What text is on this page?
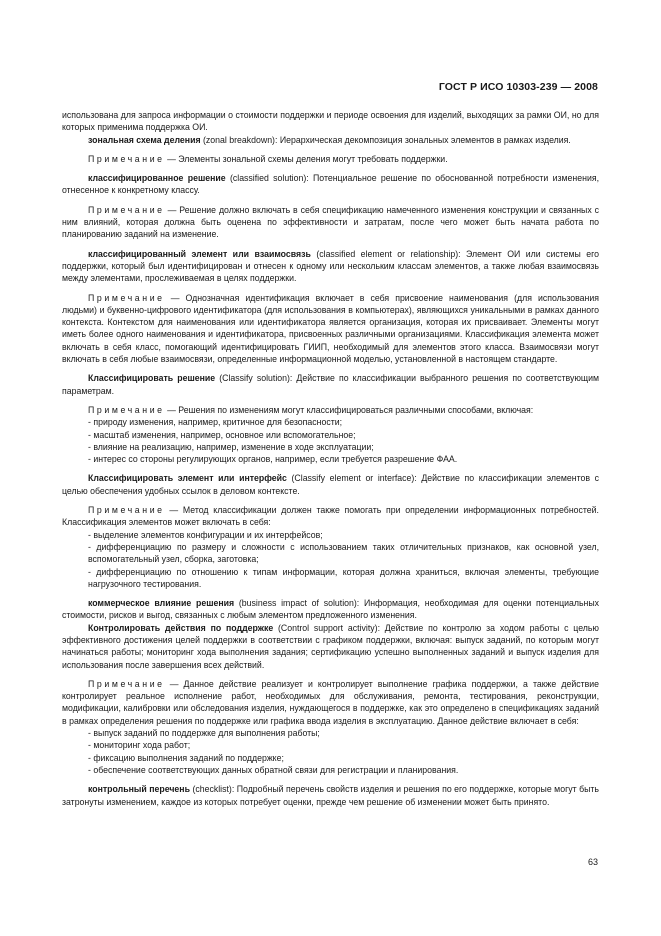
ГОСТ Р ИСО 10303-239 — 2008

использована для запроса информации о стоимости поддержки и периоде освоения для изделий, выходящих за рамки ОИ, но для которых применима поддержка ОИ.

зональная схема деления (zonal breakdown): Иерархическая декомпозиция зональных элементов в рамках изделия.

Примечание — Элементы зональной схемы деления могут требовать поддержки.

классифицированное решение (classified solution): Потенциальное решение по обоснованной потребности изменения, отнесенное к конкретному классу.

Примечание — Решение должно включать в себя спецификацию намеченного изменения конструкции и связанных с ним влияний, которая должна быть оценена по эффективности и затратам, после чего может быть начата работа по планированию заданий на изменение.

классифицированный элемент или взаимосвязь (classified element or relationship): Элемент ОИ или системы его поддержки, который был идентифицирован и отнесен к одному или нескольким классам элементов, а также любая взаимосвязь между элементами, прослеживаемая в целях поддержки.

Примечание — Однозначная идентификация включает в себя присвоение наименования (для использования людьми) и буквенно-цифрового идентификатора (для использования в компьютерах), являющихся уникальными в рамках данного контекста. Контекстом для наименования или идентификатора является организация, которая их присваивает. Элементы могут иметь более одного наименования и идентификатора, присвоенных различными организациями. Классификация элемента может включать в себя класс, помогающий идентифицировать ГИИП, необходимый для элементов этого класса. Взаимосвязи могут включать в себя любые взаимосвязи, определенные информационной моделью, установленной в настоящем стандарте.

Классифицировать решение (Classify solution): Действие по классификации выбранного решения по соответствующим параметрам.

Примечание — Решения по изменениям могут классифицироваться различными способами, включая:

- природу изменения, например, критичное для безопасности;

- масштаб изменения, например, основное или вспомогательное;

- влияние на реализацию, например, изменение в ходе эксплуатации;

- интерес со стороны регулирующих органов, например, если требуется разрешение ФАА.

Классифицировать элемент или интерфейс (Classify element or interface): Действие по классификации элементов с целью обеспечения удобных ссылок в деловом контексте.

Примечание — Метод классификации должен также помогать при определении информационных потребностей. Классификация элементов может включать в себя:

- выделение элементов конфигурации и их интерфейсов;

- дифференциацию по размеру и сложности с использованием таких отличительных признаков, как основной узел, вспомогательный узел, сборка, заготовка;

- дифференциацию по отношению к типам информации, которая должна храниться, включая элементы, требующие нагрузочного тестирования.

коммерческое влияние решения (business impact of solution): Информация, необходимая для оценки потенциальных стоимости, рисков и выгод, связанных с любым элементом предложенного изменения.

Контролировать действия по поддержке (Control support activity): Действие по контролю за ходом работы с целью эффективного достижения целей поддержки в соответствии с графиком поддержки, включая: выпуск заданий, по которым могут начинаться работы; мониторинг хода выполнения задания; сертификацию успешно выполненных заданий и выпуск изделия для использования после завершения всех действий.

Примечание — Данное действие реализует и контролирует выполнение графика поддержки, а также действие контролирует реальное исполнение работ, необходимых для обслуживания, ремонта, тестирования, реконструкции, модификации, калибровки или обследования изделия, нуждающегося в поддержке, как это определено в спецификациях заданий в рамках определения решения по поддержке или графика ввода изделия в эксплуатацию. Данное действие включает в себя:

- выпуск заданий по поддержке для выполнения работы;

- мониторинг хода работ;

- фиксацию выполнения заданий по поддержке;

- обеспечение соответствующих данных обратной связи для регистрации и планирования.

контрольный перечень (checklist): Подробный перечень свойств изделия и решения по его поддержке, которые могут быть затронуты изменением, каждое из которых потребует оценки, прежде чем решение об изменении может быть принято.

63
